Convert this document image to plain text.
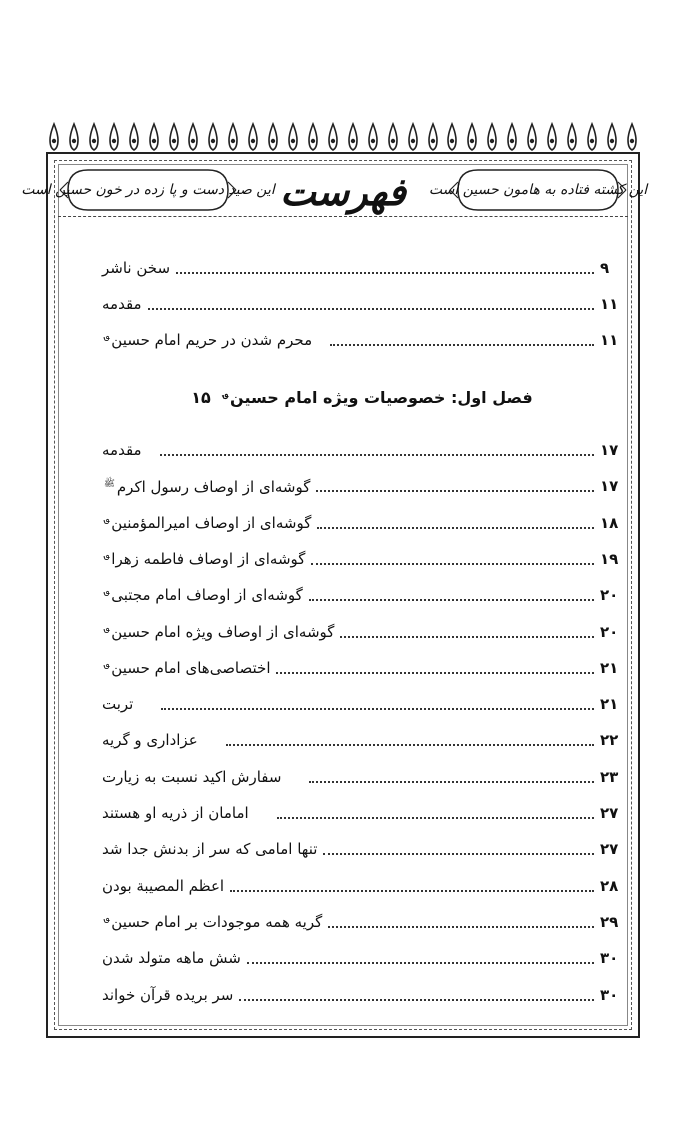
این صید دست و پا زده در خون حسین است	این کشته فتاده به هامون حسین است
فهرست
سخن ناشر	۹
مقدمه	۱۱
محرم شدن در حریم امام حسین؈	۱۱
فصل اول: خصوصیات ویژه امام حسین؈۱۵
مقدمه	۱۷
گوشه‌ای از اوصاف رسول اکرم$^ﷺ$	۱۷
گوشه‌ای از اوصاف امیرالمؤمنین؈	۱۸
گوشه‌ای از اوصاف فاطمه زهرا؈	۱۹
گوشه‌ای از اوصاف امام مجتبی؈	۲۰
گوشه‌ای از اوصاف ویژه امام حسین؈	۲۰
اختصاصی‌های امام حسین؈	۲۱
تربت	۲۱
عزاداری و گریه	۲۲
سفارش اکید نسبت به زیارت	۲۳
امامان از ذریه او هستند	۲۷
تنها امامی که سر از بدنش جدا شد	۲۷
اعظم المصیبة بودن	۲۸
گریه همه موجودات بر امام حسین؈	۲۹
شش ماهه متولد شدن	۳۰
سر بریده قرآن خواند	۳۰
